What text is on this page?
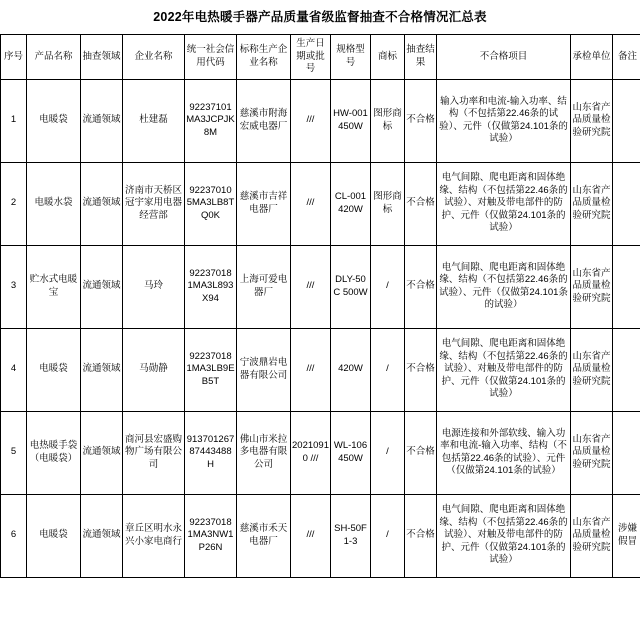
2022年电热暖手器产品质量省级监督抽查不合格情况汇总表
序号	产品名称	抽查领域	企业名称	统一社会信用代码	标称生产企业名称	生产日期或批号	规格型号	商标	抽查结果	不合格项目	承检单位	备注
1	电暖袋	流通领域	杜建磊	92237101MA3JCPJK8M	慈溪市附海宏威电器厂	///	HW-001 450W	图形商标	不合格	输入功率和电流-输入功率、结构（不包括第22.46条的试验）、元件（仅做第24.101条的试验）	山东省产品质量检验研究院	
2	电暖水袋	流通领域	济南市天桥区冠宇家用电器经营部	92237010 5MA3LB8TQ0K	慈溪市吉祥电器厂	///	CL-001 420W	图形商标	不合格	电气间隙、爬电距离和固体绝缘、结构（不包括第22.46条的试验）、对触及带电部件的防护、元件（仅做第24.101条的试验）	山东省产品质量检验研究院	
3	贮水式电暖宝	流通领域	马玲	92237018 1MA3L893X94	上海可爱电器厂	///	DLY-50C 500W	/	不合格	电气间隙、爬电距离和固体绝缘、结构（不包括第22.46条的试验）、元件（仅做第24.101条的试验）	山东省产品质量检验研究院	
4	电暖袋	流通领域	马勋静	92237018 1MA3LB9EB5T	宁波鼎岩电器有限公司	///	420W	/	不合格	电气间隙、爬电距离和固体绝缘、结构（不包括第22.46条的试验）、对触及带电部件的防护、元件（仅做第24.101条的试验）	山东省产品质量检验研究院	
5	电热暖手袋（电暖袋）	流通领域	商河县宏盛购物广场有限公司	91370126787443488H	佛山市米拉多电器有限公司	20210910 ///	WL-106 450W	/	不合格	电源连接和外部软线、输入功率和电流-输入功率、结构（不包括第22.46条的试验）、元件（仅做第24.101条的试验）	山东省产品质量检验研究院	
6	电暖袋	流通领域	章丘区明水永兴小家电商行	92237018 1MA3NW1P26N	慈溪市禾天电器厂	///	SH-50F1-3	/	不合格	电气间隙、爬电距离和固体绝缘、结构（不包括第22.46条的试验）、对触及带电部件的防护、元件（仅做第24.101条的试验）	山东省产品质量检验研究院	涉嫌假冒
